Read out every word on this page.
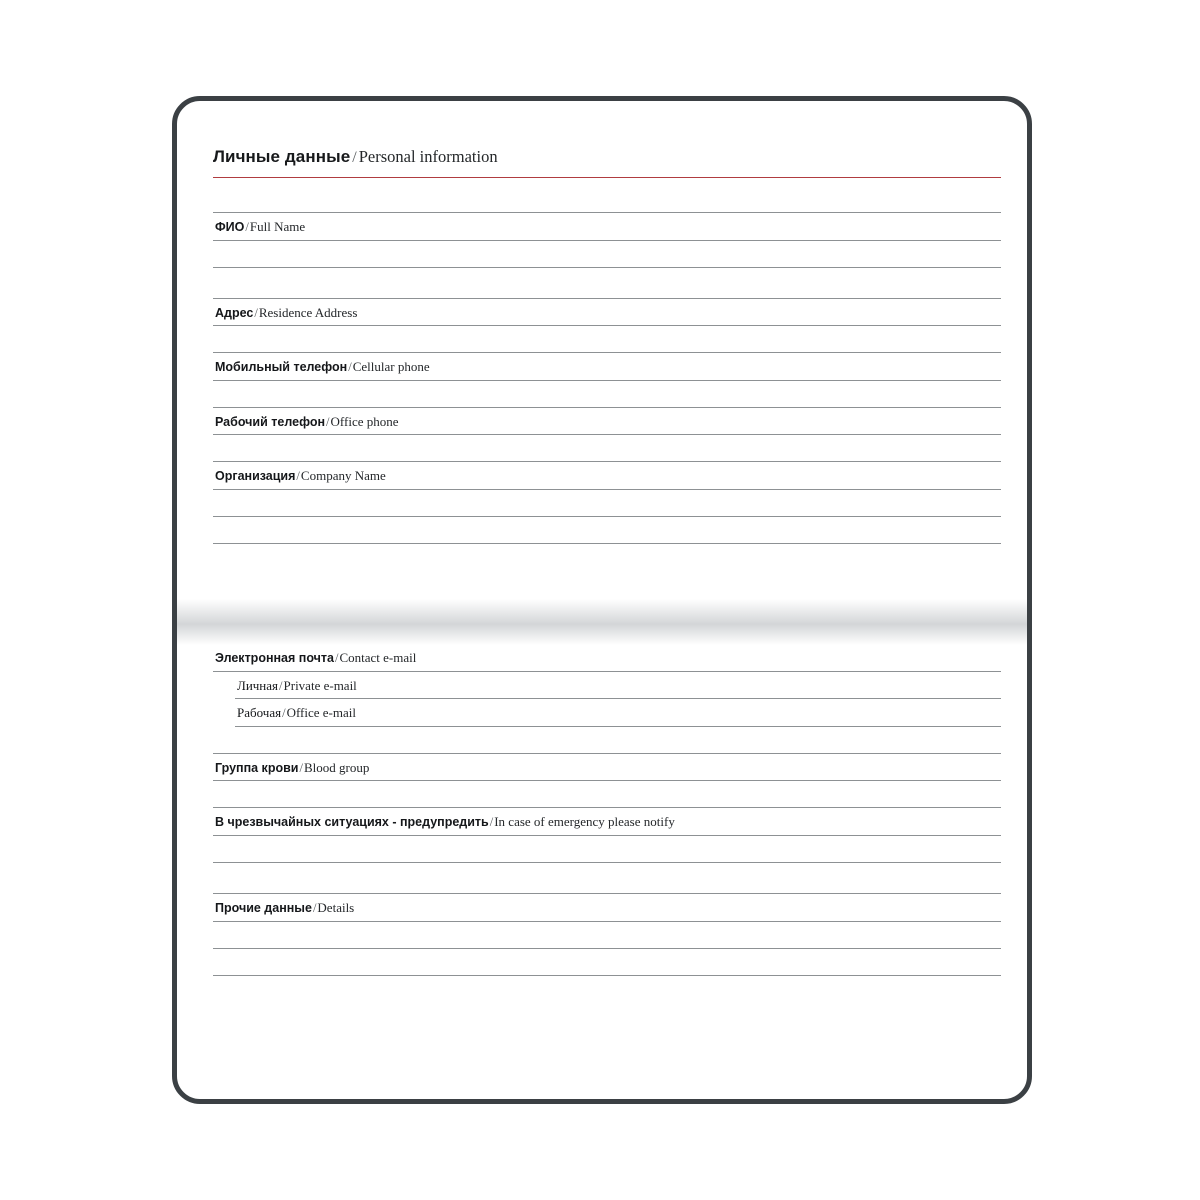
Личные данные / Personal information
ФИО/Full Name
Адрес/Residence Address
Мобильный телефон/Cellular phone
Рабочий телефон/Office phone
Организация/Company Name
Электронная почта/Contact e-mail
Личная/Private e-mail
Рабочая/Office e-mail
Группа крови/Blood group
В чрезвычайных ситуациях - предупредить/In case of emergency please notify
Прочие данные/Details
